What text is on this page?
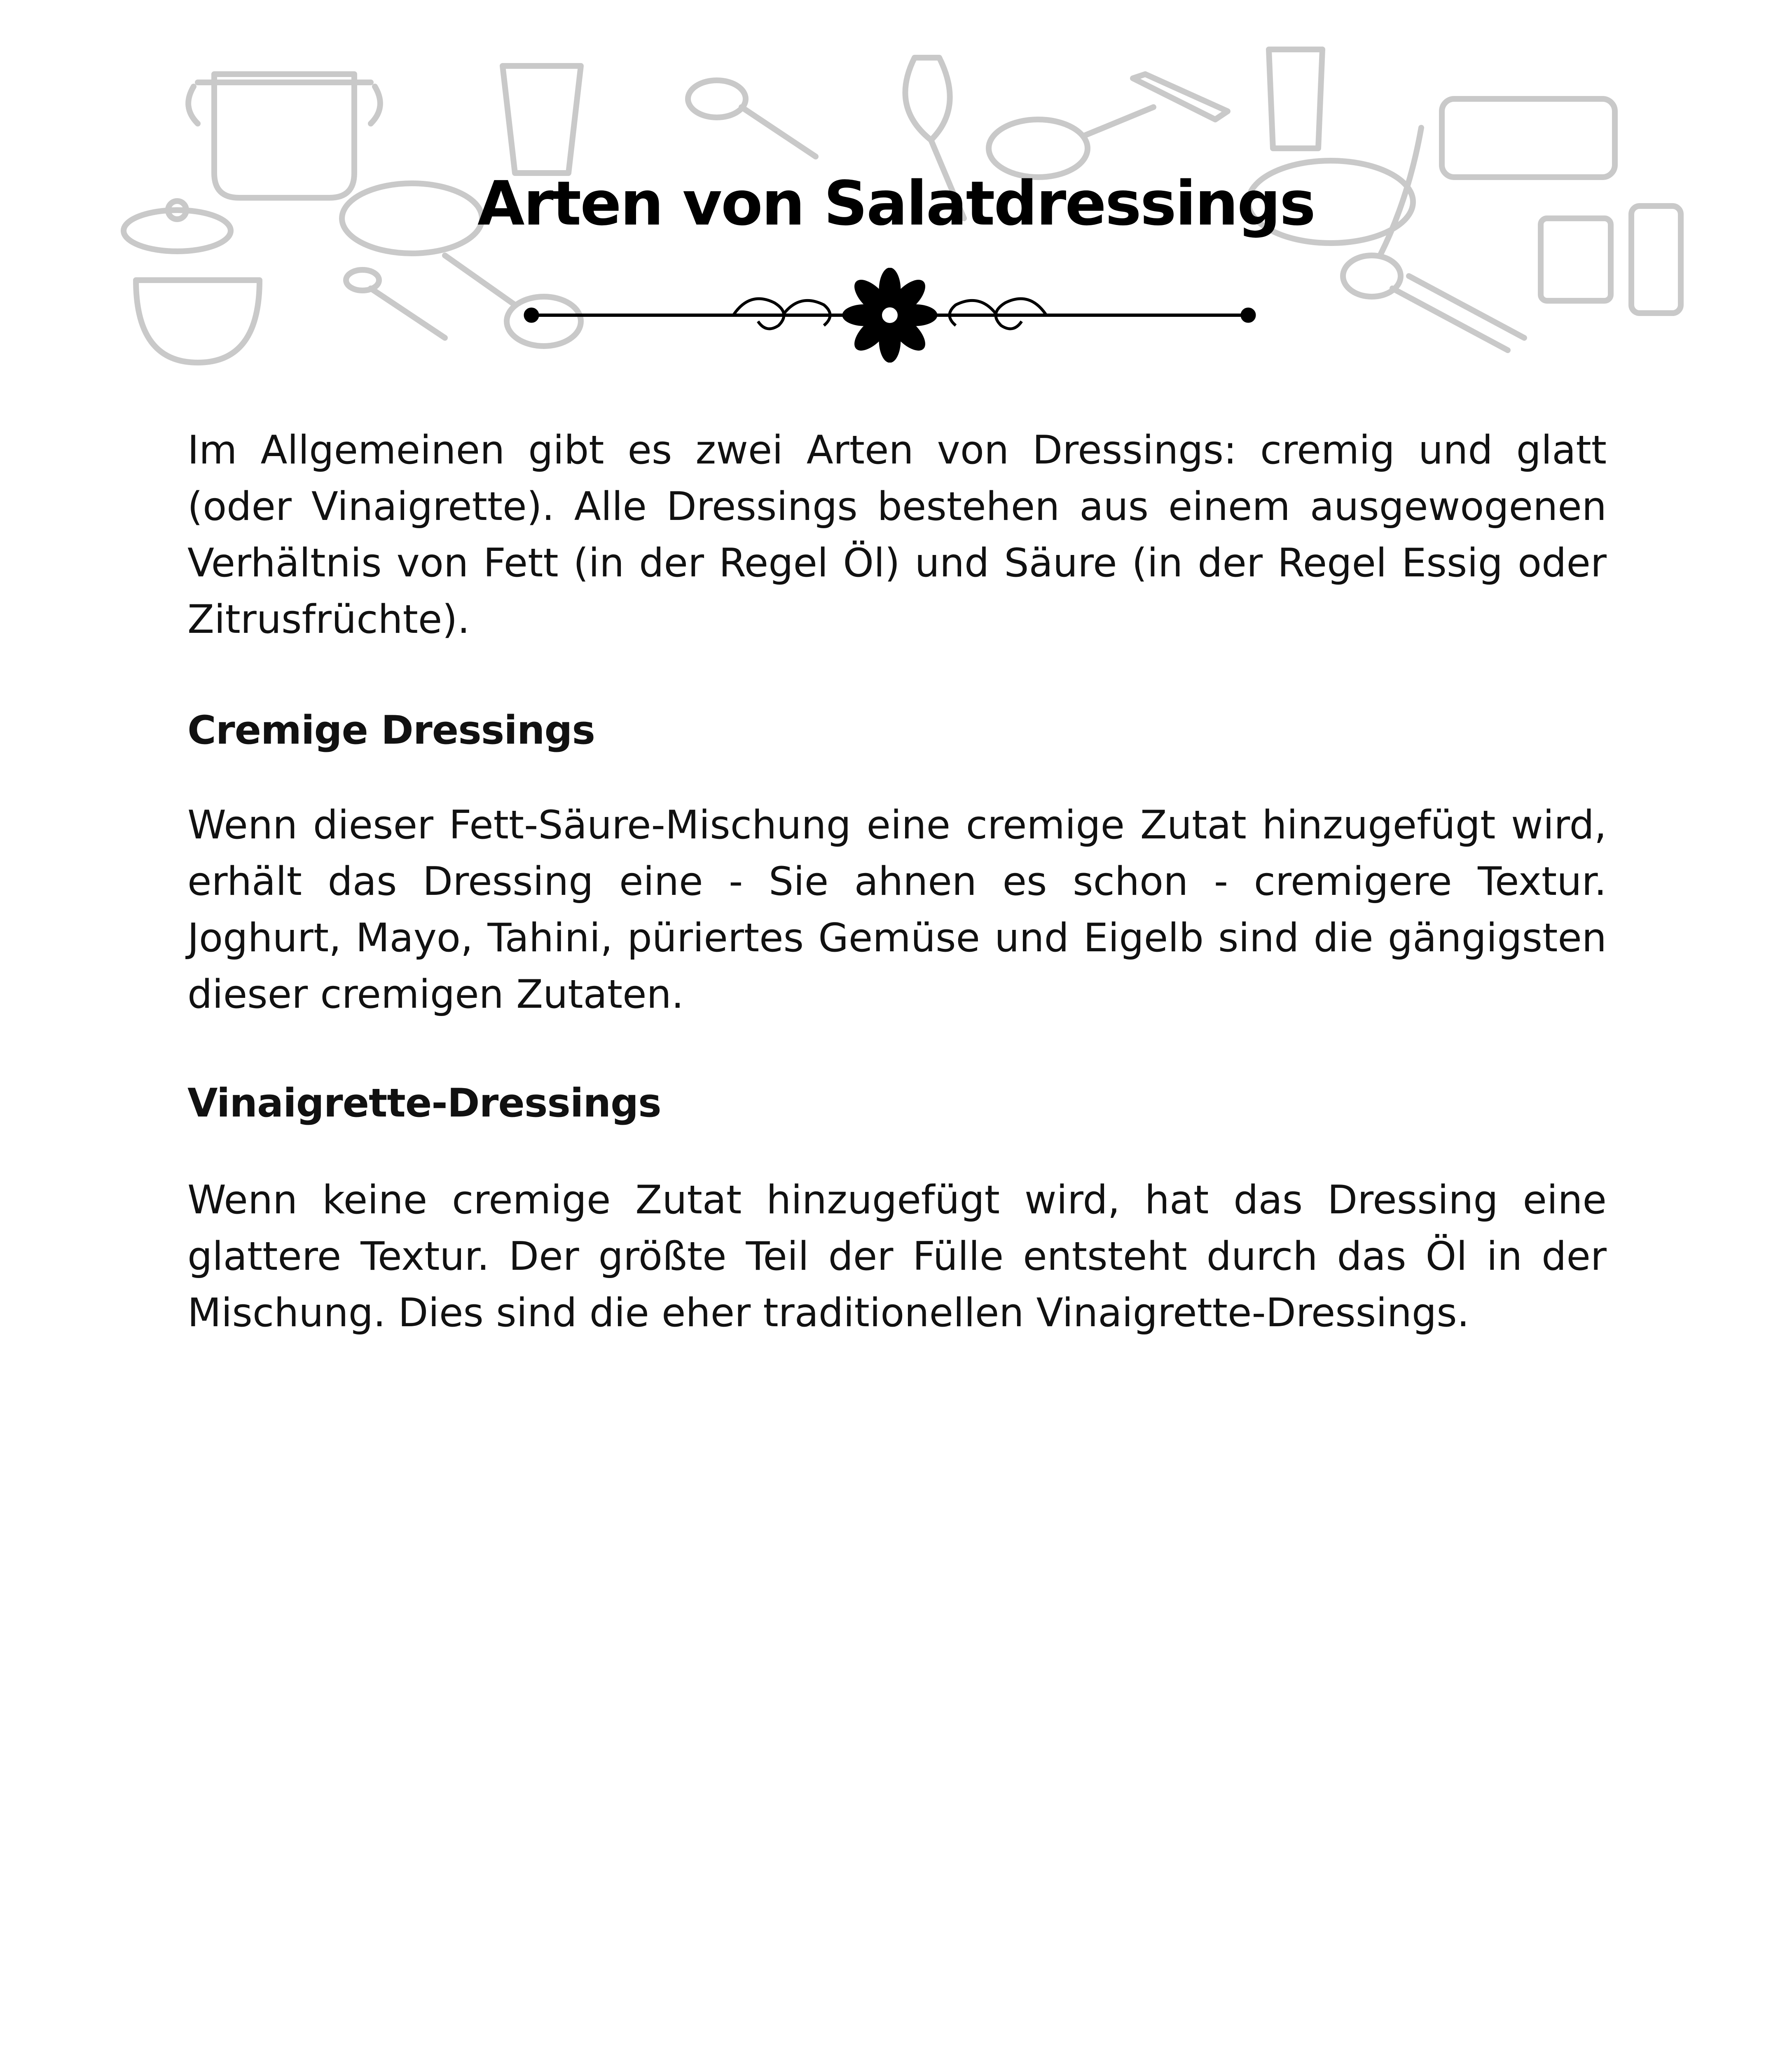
Arten von Salatdressings

Im Allgemeinen gibt es zwei Arten von Dressings: cremig und glatt (oder Vinaigrette). Alle Dressings bestehen aus einem ausgewogenen Verhältnis von Fett (in der Regel Öl) und Säure (in der Regel Essig oder Zitrusfrüchte).

Cremige Dressings

Wenn dieser Fett-Säure-Mischung eine cremige Zutat hinzugefügt wird, erhält das Dressing eine - Sie ahnen es schon - cremigere Textur. Joghurt, Mayo, Tahini, püriertes Gemüse und Eigelb sind die gängigsten dieser cremigen Zutaten.

Vinaigrette-Dressings

Wenn keine cremige Zutat hinzugefügt wird, hat das Dressing eine glattere Textur. Der größte Teil der Fülle entsteht durch das Öl in der Mischung. Dies sind die eher traditionellen Vinaigrette-Dressings.
